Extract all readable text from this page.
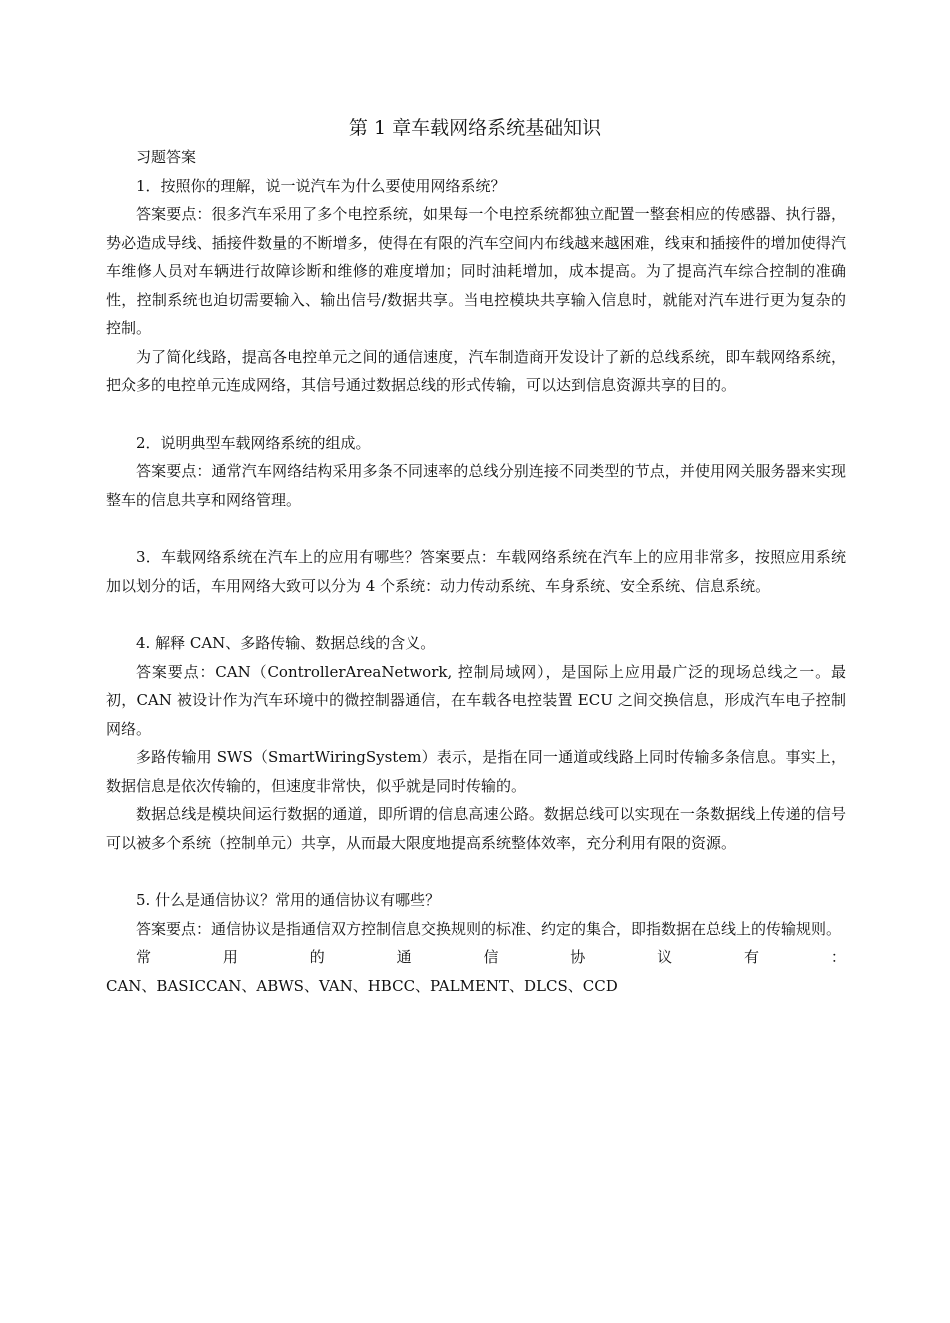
第 1 章车载网络系统基础知识

习题答案

1．按照你的理解，说一说汽车为什么要使用网络系统？

答案要点：很多汽车采用了多个电控系统，如果每一个电控系统都独立配置一整套相应的传感器、执行器，势必造成导线、插接件数量的不断增多，使得在有限的汽车空间内布线越来越困难，线束和插接件的增加使得汽车维修人员对车辆进行故障诊断和维修的难度增加；同时油耗增加，成本提高。为了提高汽车综合控制的准确性，控制系统也迫切需要输入、输出信号/数据共享。当电控模块共享输入信息时，就能对汽车进行更为复杂的控制。

为了简化线路，提高各电控单元之间的通信速度，汽车制造商开发设计了新的总线系统，即车载网络系统，把众多的电控单元连成网络，其信号通过数据总线的形式传输，可以达到信息资源共享的目的。

2．说明典型车载网络系统的组成。

答案要点：通常汽车网络结构采用多条不同速率的总线分别连接不同类型的节点，并使用网关服务器来实现整车的信息共享和网络管理。

3．车载网络系统在汽车上的应用有哪些？答案要点：车载网络系统在汽车上的应用非常多，按照应用系统加以划分的话，车用网络大致可以分为 4 个系统：动力传动系统、车身系统、安全系统、信息系统。

4. 解释 CAN、多路传输、数据总线的含义。

答案要点：CAN（ControllerAreaNetwork, 控制局域网），是国际上应用最广泛的现场总线之一。最初，CAN 被设计作为汽车环境中的微控制器通信，在车载各电控装置 ECU 之间交换信息，形成汽车电子控制网络。

多路传输用 SWS（SmartWiringSystem）表示，是指在同一通道或线路上同时传输多条信息。事实上，数据信息是依次传输的，但速度非常快，似乎就是同时传输的。

数据总线是模块间运行数据的通道，即所谓的信息高速公路。数据总线可以实现在一条数据线上传递的信号可以被多个系统（控制单元）共享，从而最大限度地提高系统整体效率，充分利用有限的资源。

5. 什么是通信协议？常用的通信协议有哪些？

答案要点：通信协议是指通信双方控制信息交换规则的标准、约定的集合，即指数据在总线上的传输规则。

常	用	的	通	信	协	议	有	：
CAN、BASICCAN、ABWS、VAN、HBCC、PALMENT、DLCS、CCD
